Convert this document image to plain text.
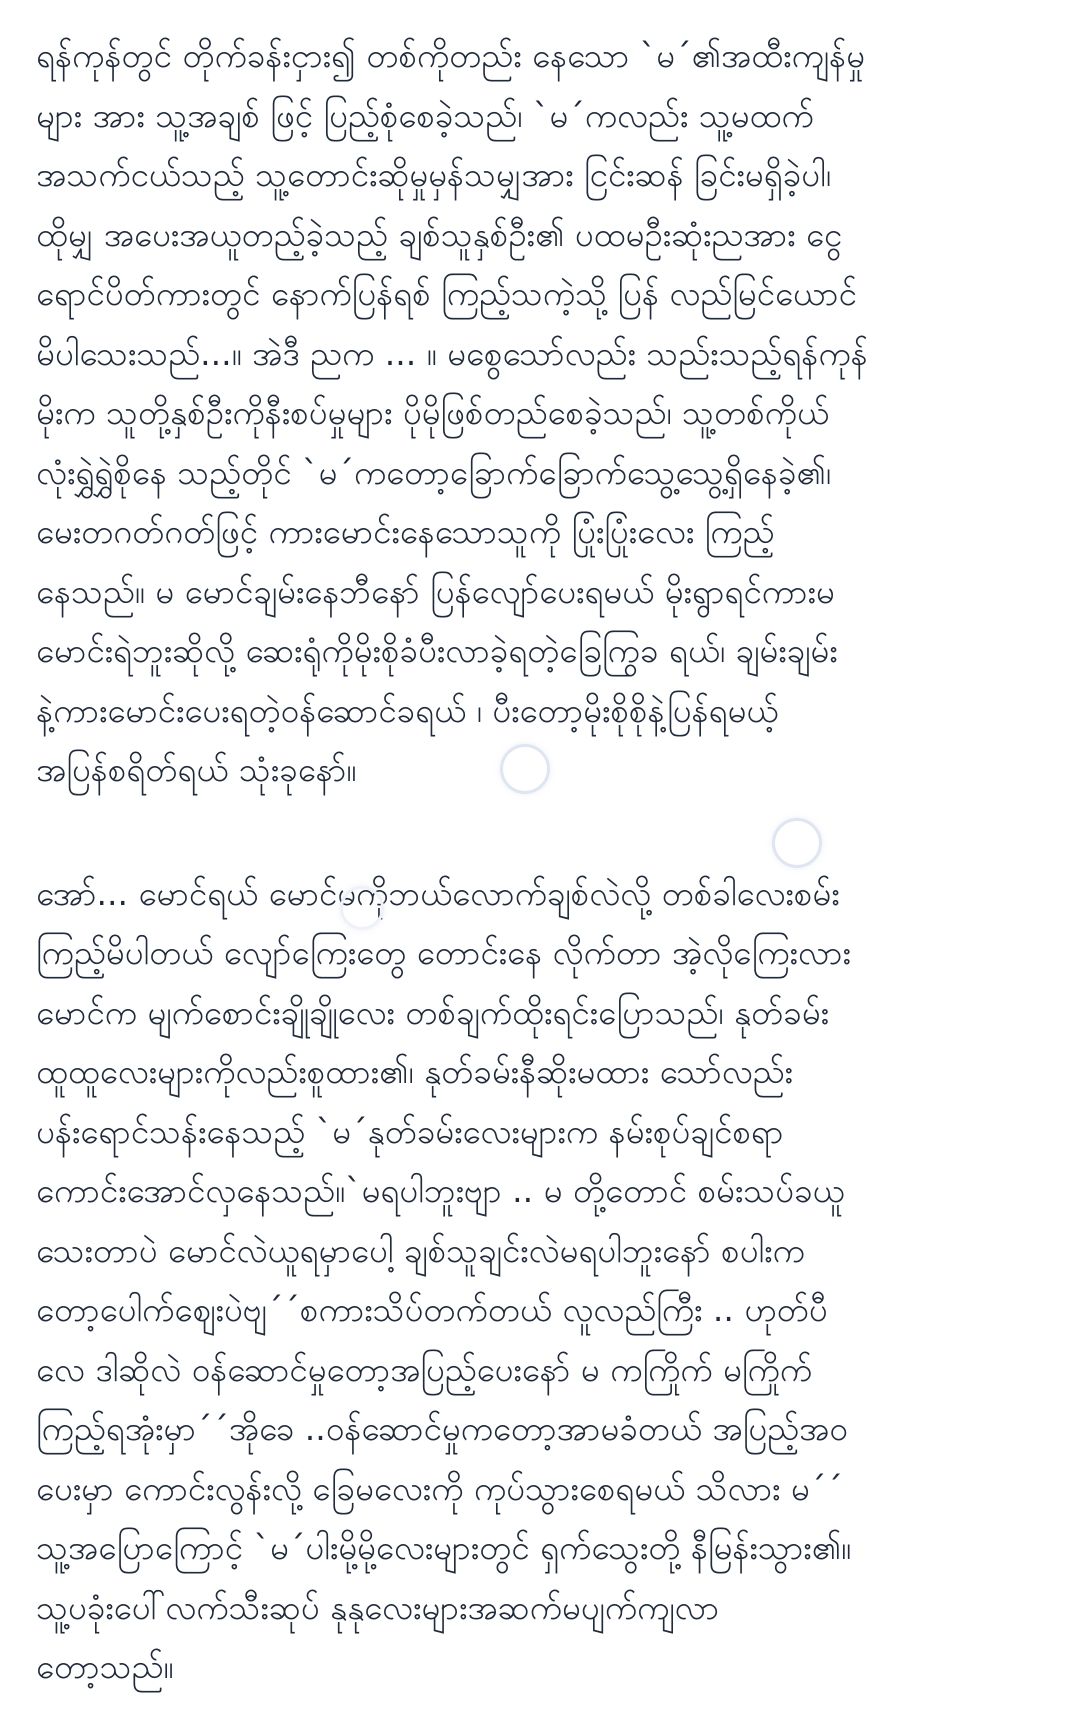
ရန်ကုန်တွင် တိုက်ခန်းငှား၍ တစ်ကိုတည်း နေသော `မ´၏အထီးကျန်မှု
များ အား သူ့အချစ် ဖြင့် ပြည့်စုံစေခဲ့သည်၊ `မ´ကလည်း သူ့မထက်
အသက်ငယ်သည့် သူ့တောင်းဆိုမှုမှန်သမျှအား ငြင်းဆန် ခြင်းမရှိခဲ့ပါ၊
ထိုမျှ အပေးအယူတည့်ခဲ့သည့် ချစ်သူနှစ်ဦး၏ ပထမဦးဆုံးညအား ငွေ
ရောင်ပိတ်ကားတွင် နောက်ပြန်ရစ် ကြည့်သကဲ့သို့ ပြန် လည်မြင်ယောင်
မိပါသေးသည်...။ အဲဒီ ညက ... ။ မစွေသော်လည်း သည်းသည့်ရန်ကုန်
မိုးက သူတို့နှစ်ဦးကိုနီးစပ်မှုများ ပိုမိုဖြစ်တည်စေခဲ့သည်၊ သူ့တစ်ကိုယ်
လုံးရွှဲရွှဲစိုနေ သည့်တိုင် `မ´ကတော့ခြောက်ခြောက်သွေ့သွေ့ရှိနေခဲ့၏၊
မေးတဂတ်ဂတ်ဖြင့် ကားမောင်းနေသောသူကို ပြုံးပြုံးလေး ကြည့်
နေသည်။ မ မောင်ချမ်းနေဘီနော် ပြန်လျော်ပေးရမယ် မိုးရွာရင်ကားမ
မောင်းရဲဘူးဆိုလို့ ဆေးရုံကိုမိုးစိုခံပီးလာခဲ့ရတဲ့ခြေကြွခ ရယ်၊ ချမ်းချမ်း
နဲ့ကားမောင်းပေးရတဲ့ဝန်ဆောင်ခရယ် ၊ ပီးတော့မိုးစိုစိုနဲ့ပြန်ရမယ့်
အပြန်စရိတ်ရယ် သုံးခုနော်။
အော်... မောင်ရယ် မောင်မကိုဘယ်လောက်ချစ်လဲလို့ တစ်ခါလေးစမ်း
ကြည့်မိပါတယ် လျော်ကြေးတွေ တောင်းနေ လိုက်တာ အဲ့လိုကြေးလား
မောင်က မျက်စောင်းချိုချိုလေး တစ်ချက်ထိုးရင်းပြောသည်၊ နုတ်ခမ်း
ထူထူလေးများကိုလည်းစူထား၏၊ နုတ်ခမ်းနီဆိုးမထား သော်လည်း
ပန်းရောင်သန်းနေသည့် `မ´နုတ်ခမ်းလေးများက နမ်းစုပ်ချင်စရာ
ကောင်းအောင်လှနေသည်။`မရပါဘူးဗျာ .. မ တို့တောင် စမ်းသပ်ခယူ
သေးတာပဲ မောင်လဲယူရမှာပေါ့ ချစ်သူချင်းလဲမရပါဘူးနော် စပါးက
တော့ပေါက်ဈေးပဲဗျ´´စကားသိပ်တက်တယ် လူလည်ကြီး .. ဟုတ်ပီ
လေ ဒါဆိုလဲ ဝန်ဆောင်မှုတော့အပြည့်ပေးနော် မ ကကြိုက် မကြိုက်
ကြည့်ရအုံးမှာ´´အိုခေ ..ဝန်ဆောင်မှုကတော့အာမခံတယ် အပြည့်အဝ
ပေးမှာ ကောင်းလွန်းလို့ ခြေမလေးကို ကုပ်သွားစေရမယ် သိလား မ´´
သူ့အပြောကြောင့် `မ´ပါးမို့မို့လေးများတွင် ရှက်သွေးတို့ နီမြန်းသွား၏။
သူ့ပခုံးပေါ်လက်သီးဆုပ် နုနုလေးများအဆက်မပျက်ကျလာ
တော့သည်။
